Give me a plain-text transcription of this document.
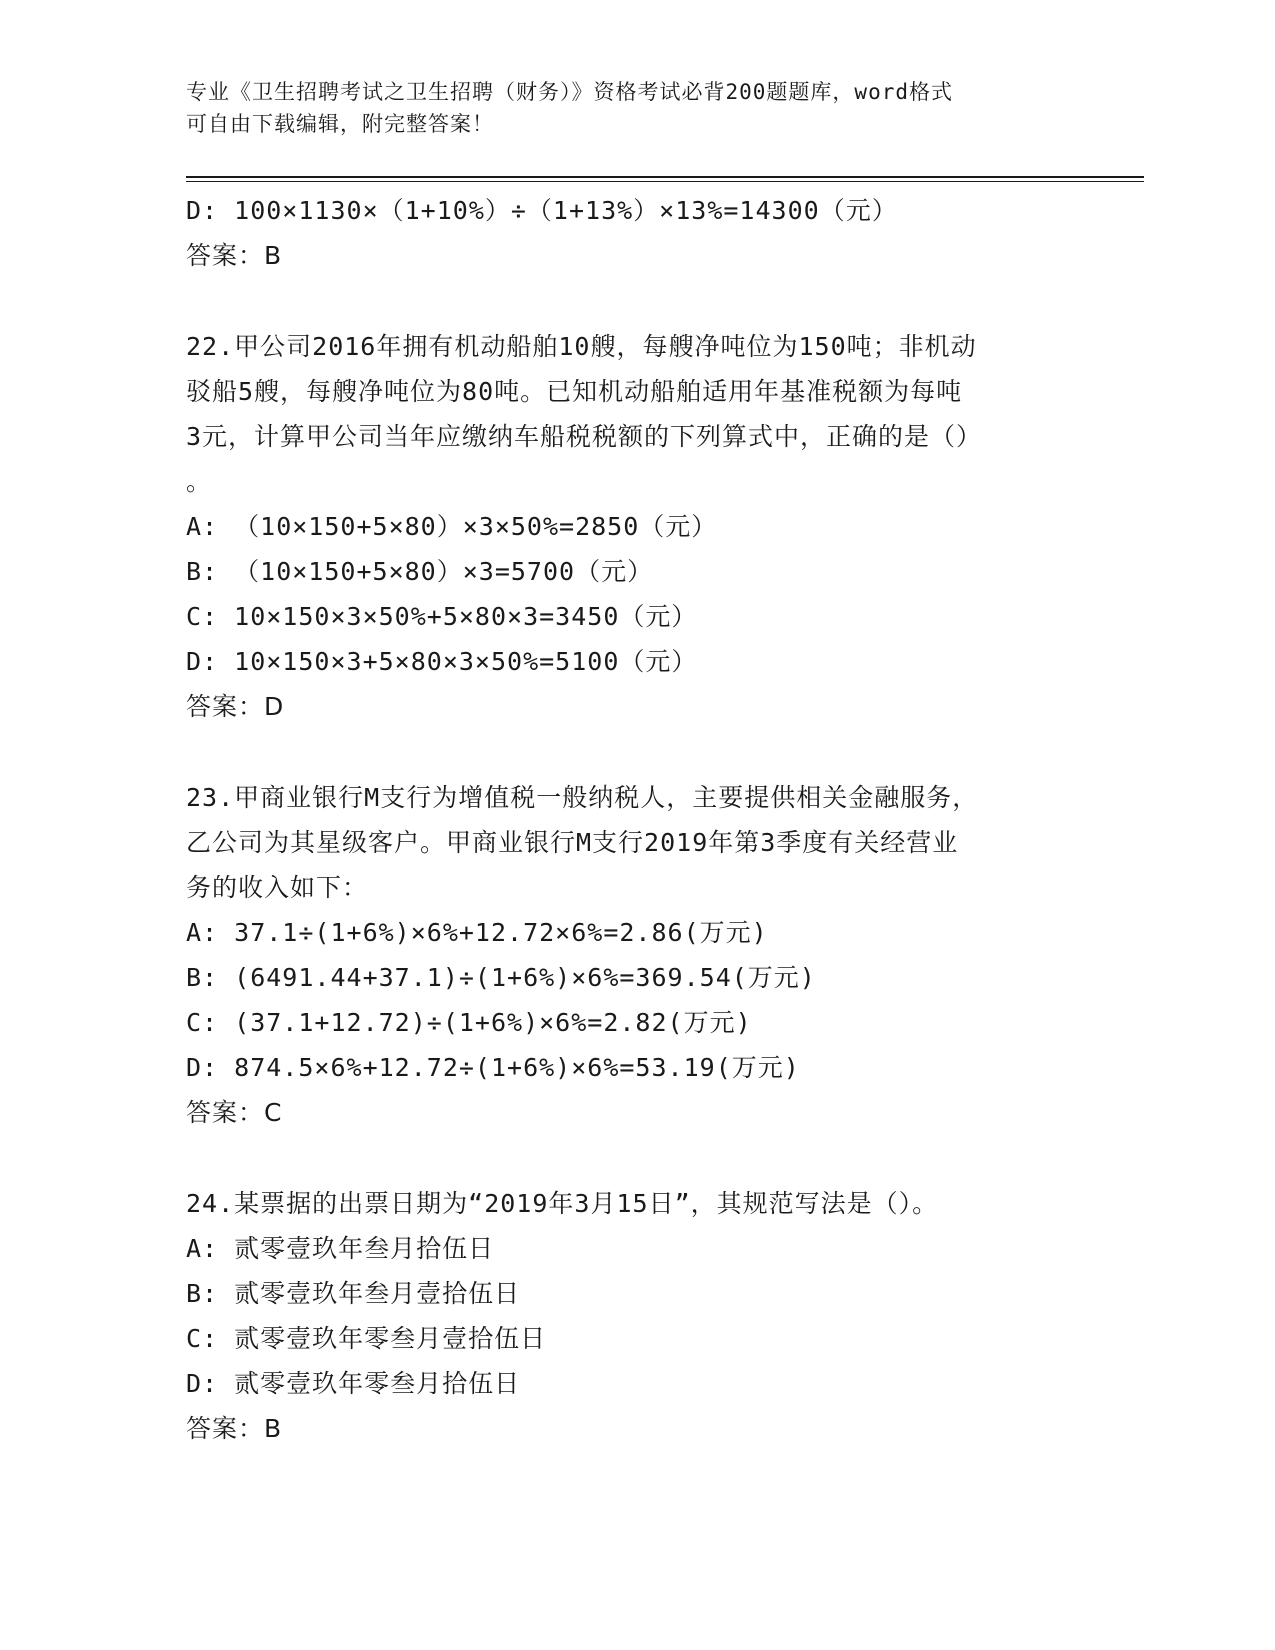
专业《卫生招聘考试之卫生招聘（财务）》资格考试必背200题题库，word格式
可自由下载编辑，附完整答案！
D: 100×1130×（1+10%）÷（1+13%）×13%=14300（元）
答案：B
22.甲公司2016年拥有机动船舶10艘，每艘净吨位为150吨；非机动
驳船5艘，每艘净吨位为80吨。已知机动船舶适用年基准税额为每吨
3元，计算甲公司当年应缴纳车船税税额的下列算式中，正确的是（）
。
A: （10×150+5×80）×3×50%=2850（元）
B: （10×150+5×80）×3=5700（元）
C: 10×150×3×50%+5×80×3=3450（元）
D: 10×150×3+5×80×3×50%=5100（元）
答案：D
23.甲商业银行M支行为增值税一般纳税人，主要提供相关金融服务，
乙公司为其星级客户。甲商业银行M支行2019年第3季度有关经营业
务的收入如下：
A: 37.1÷(1+6%)×6%+12.72×6%=2.86(万元)
B: (6491.44+37.1)÷(1+6%)×6%=369.54(万元)
C: (37.1+12.72)÷(1+6%)×6%=2.82(万元)
D: 874.5×6%+12.72÷(1+6%)×6%=53.19(万元)
答案：C
24.某票据的出票日期为“2019年3月15日”，其规范写法是（）。
A: 贰零壹玖年叁月拾伍日
B: 贰零壹玖年叁月壹拾伍日
C: 贰零壹玖年零叁月壹拾伍日
D: 贰零壹玖年零叁月拾伍日
答案：B
